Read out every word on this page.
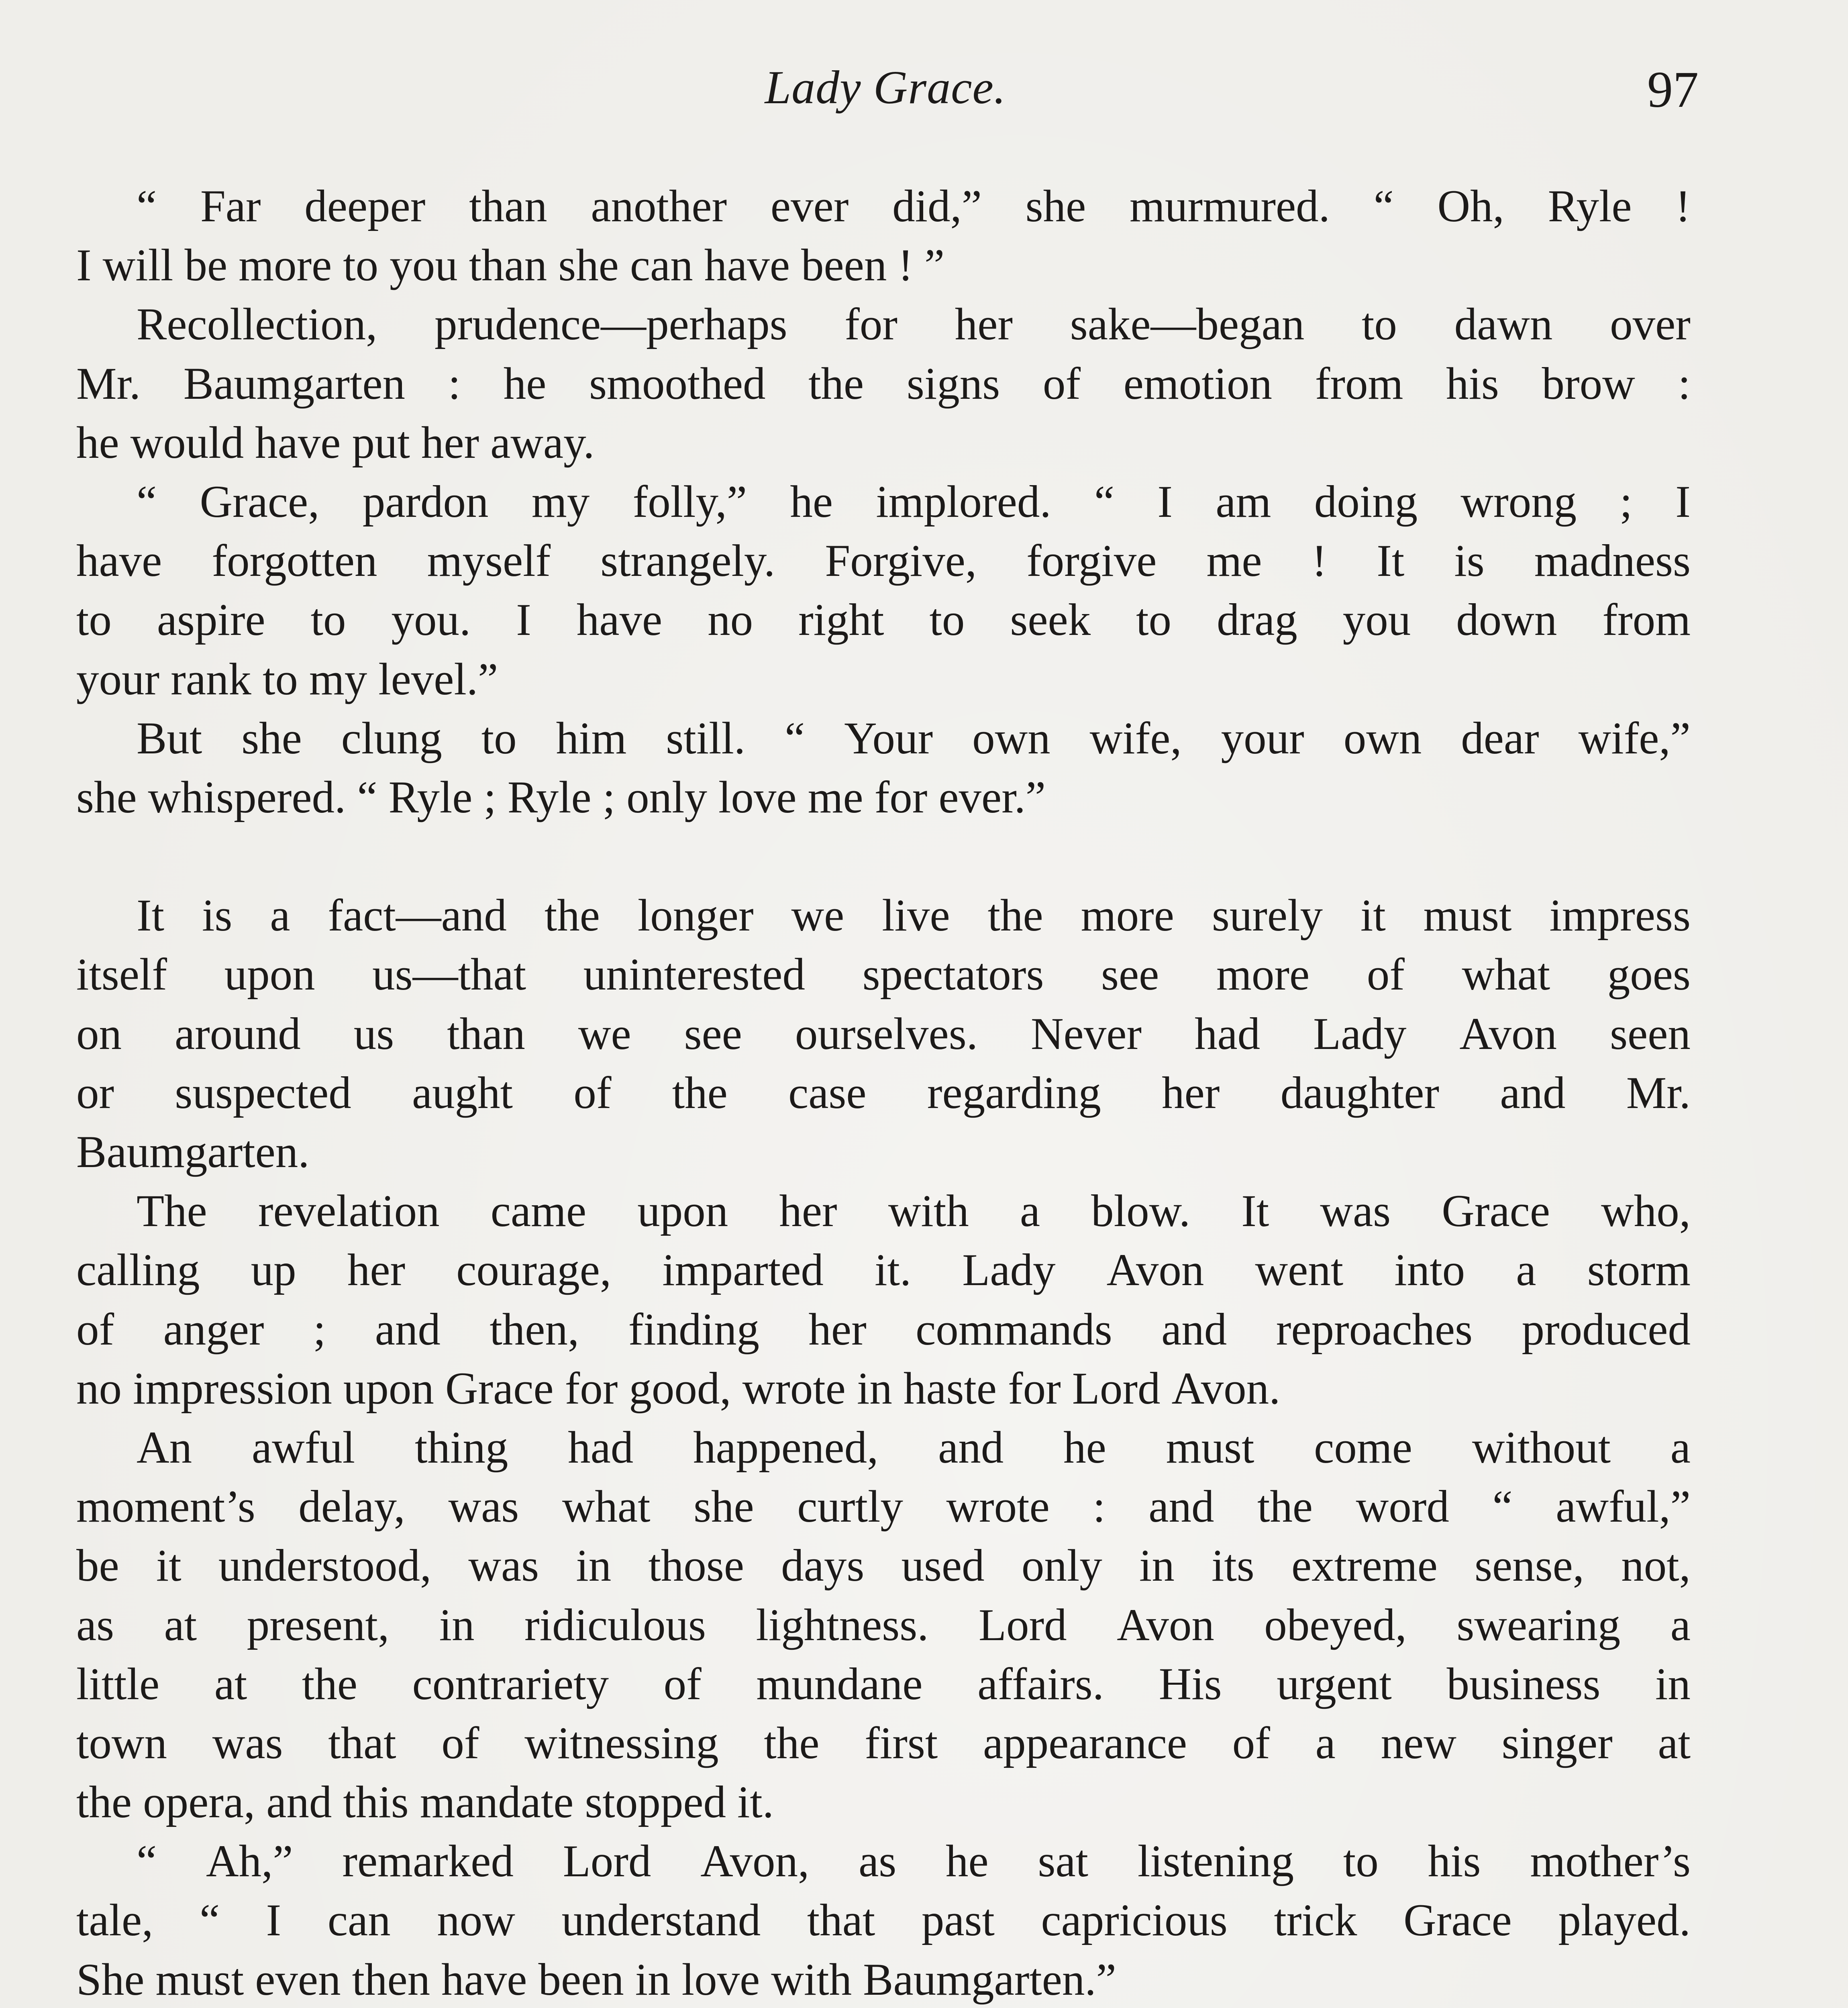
Lady Grace.	97
“ Far deeper than another ever did,” she murmured. “ Oh, Ryle !
I will be more to you than she can have been ! ”
Recollection, prudence—perhaps for her sake—began to dawn over
Mr. Baumgarten : he smoothed the signs of emotion from his brow :
he would have put her away.
“ Grace, pardon my folly,” he implored. “ I am doing wrong ; I
have forgotten myself strangely. Forgive, forgive me ! It is madness
to aspire to you. I have no right to seek to drag you down from
your rank to my level.”
But she clung to him still. “ Your own wife, your own dear wife,”
she whispered. “ Ryle ; Ryle ; only love me for ever.”
It is a fact—and the longer we live the more surely it must impress
itself upon us—that uninterested spectators see more of what goes
on around us than we see ourselves. Never had Lady Avon seen
or suspected aught of the case regarding her daughter and Mr.
Baumgarten.
The revelation came upon her with a blow. It was Grace who,
calling up her courage, imparted it. Lady Avon went into a storm
of anger ; and then, finding her commands and reproaches produced
no impression upon Grace for good, wrote in haste for Lord Avon.
An awful thing had happened, and he must come without a
moment’s delay, was what she curtly wrote : and the word “ awful,”
be it understood, was in those days used only in its extreme sense, not,
as at present, in ridiculous lightness. Lord Avon obeyed, swearing a
little at the contrariety of mundane affairs. His urgent business in
town was that of witnessing the first appearance of a new singer at
the opera, and this mandate stopped it.
“ Ah,” remarked Lord Avon, as he sat listening to his mother’s
tale, “ I can now understand that past capricious trick Grace played.
She must even then have been in love with Baumgarten.”
